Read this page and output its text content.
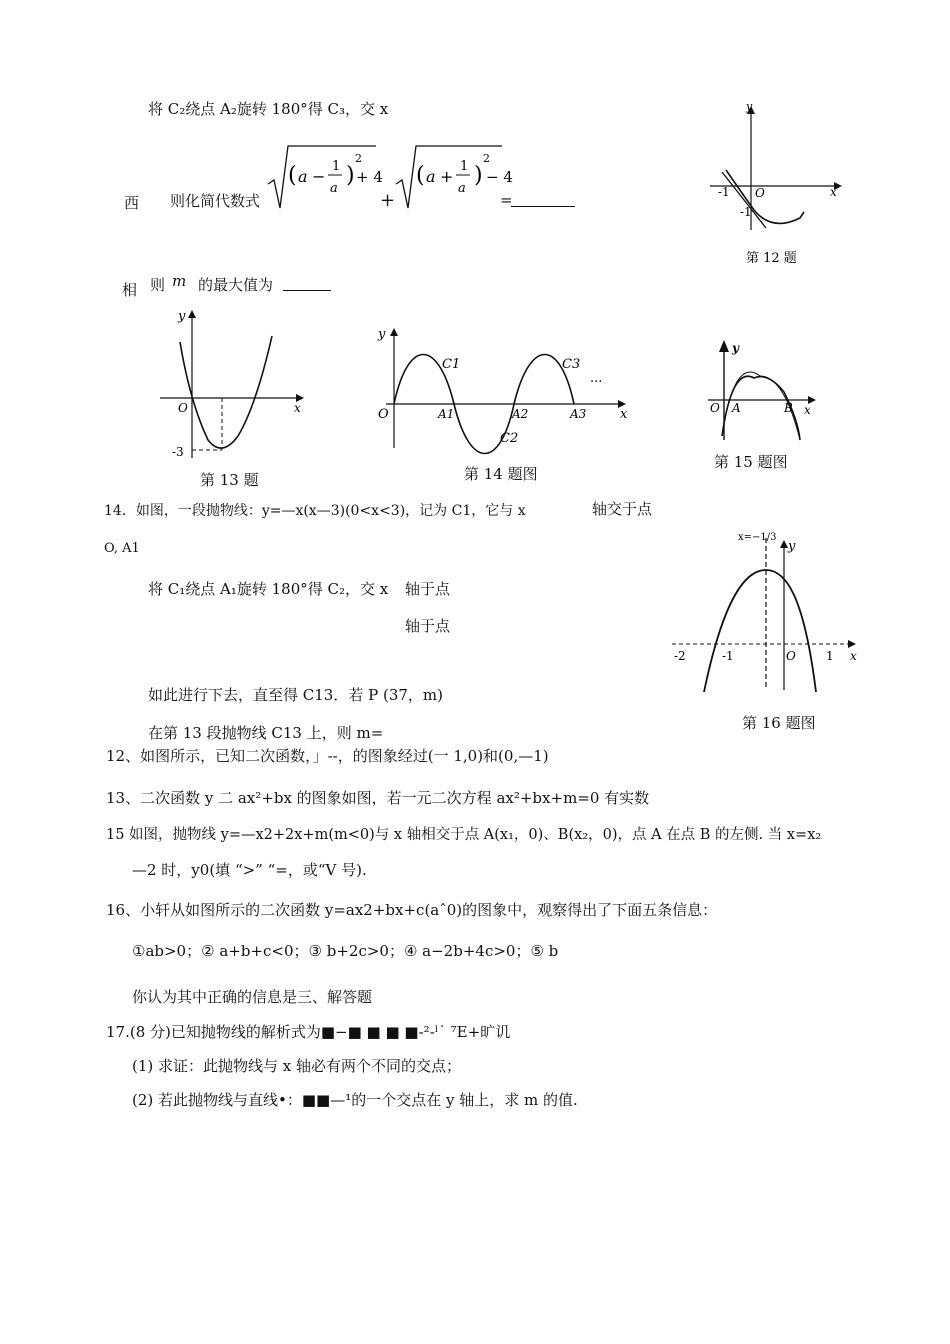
将 C₂绕点 A₂旋转 180°得 C₃，交 x
西 则化简代数式
( a −
1
a
)
2
+ 4
+
( a +
1
a
)
2
− 4
=
相 则 m 的最大值为
y
x
O
-1
-1
第 12 题
y
x
O
-3
第 13 题
y
x
O
C1
C2
C3
...
A1	A2	A3
第 14 题图
y
x
O A	B
第 15 题图
x=−1/3
y
x
O
-2	-1	1
第 16 题图
14．如图，一段抛物线：y=—x(x—3)(0<x<3)，记为 C1，它与 x	轴交于点
O, A1
将 C₁绕点 A₁旋转 180°得 C₂，交 x 轴于点
轴于点
如此进行下去，直至得 C13．若 P (37，m)
在第 13 段抛物线 C13 上，则 m=
12、如图所示，已知二次函数，」--，的图象经过(一 1,0)和(0,—1)
13、二次函数 y 二 ax²+bx 的图象如图，若一元二次方程 ax²+bx+m=0 有实数
15 如图，抛物线 y=—x2+2x+m(m<0)与 x 轴相交于点 A(x₁，0)、B(x₂，0)，点 A 在点 B 的左侧. 当 x=x₂
—2 时，y0(填 “>” “=，或“V 号).
16、小轩从如图所示的二次函数 y=ax2+bx+c(aˆ0)的图象中，观察得出了下面五条信息：
①ab>0；② a+b+c<0；③ b+2c>0；④ a−2b+4c>0；⑤ b
你认为其中正确的信息是三、解答题
17.(8 分)已知抛物线的解析式为■−■ ■ ■ ■-²-ˡ˙ ⁷E+旷讥
(1) 求证：此抛物线与 x 轴必有两个不同的交点；
(2) 若此抛物线与直线•：■■—¹的一个交点在 y 轴上，求 m 的值.
